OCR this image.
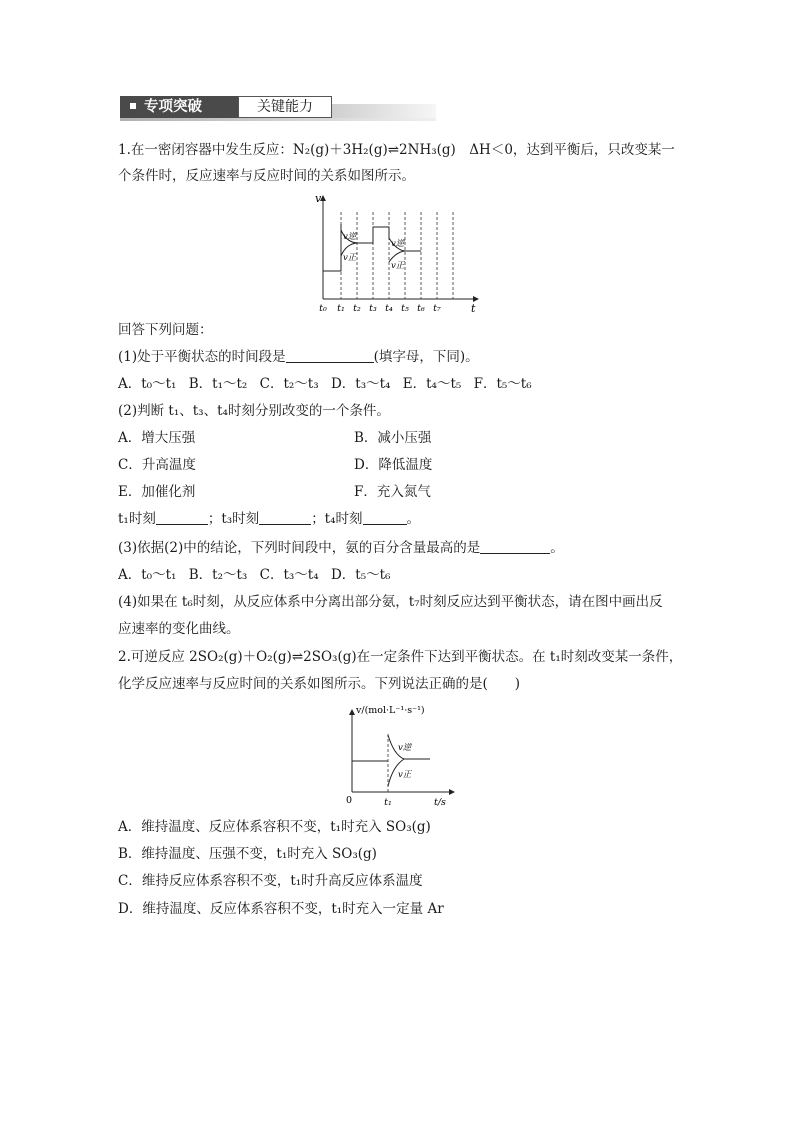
专项突破	关键能力
1.在一密闭容器中发生反应：N₂(g)＋3H₂(g)⇌2NH₃(g)　ΔH＜0，达到平衡后，只改变某一
个条件时，反应速率与反应时间的关系如图所示。
v
t
v逆
v正
v逆
v正
t₀ t₁ t₂ t₃ t₄ t₅ t₆ t₇
回答下列问题：
(1)处于平衡状态的时间段是	(填字母，下同)。
A．t₀～t₁ B．t₁～t₂ C．t₂～t₃ D．t₃～t₄ E．t₄～t₅ F．t₅～t₆
(2)判断 t₁、t₃、t₄时刻分别改变的一个条件。
A．增大压强	B．减小压强
C．升高温度	D．降低温度
E．加催化剂	F．充入氮气
t₁时刻	；t₃时刻	；t₄时刻	。
(3)依据(2)中的结论，下列时间段中，氨的百分含量最高的是	。
A．t₀～t₁ B．t₂～t₃ C．t₃～t₄ D．t₅～t₆
(4)如果在 t₆时刻，从反应体系中分离出部分氨，t₇时刻反应达到平衡状态，请在图中画出反
应速率的变化曲线。
2.可逆反应 2SO₂(g)＋O₂(g)⇌2SO₃(g)在一定条件下达到平衡状态。在 t₁时刻改变某一条件，
化学反应速率与反应时间的关系如图所示。下列说法正确的是(　　)
v/(mol·L⁻¹·s⁻¹)
t/s
0	t₁
v逆
v正
A．维持温度、反应体系容积不变，t₁时充入 SO₃(g)
B．维持温度、压强不变，t₁时充入 SO₃(g)
C．维持反应体系容积不变，t₁时升高反应体系温度
D．维持温度、反应体系容积不变，t₁时充入一定量 Ar
